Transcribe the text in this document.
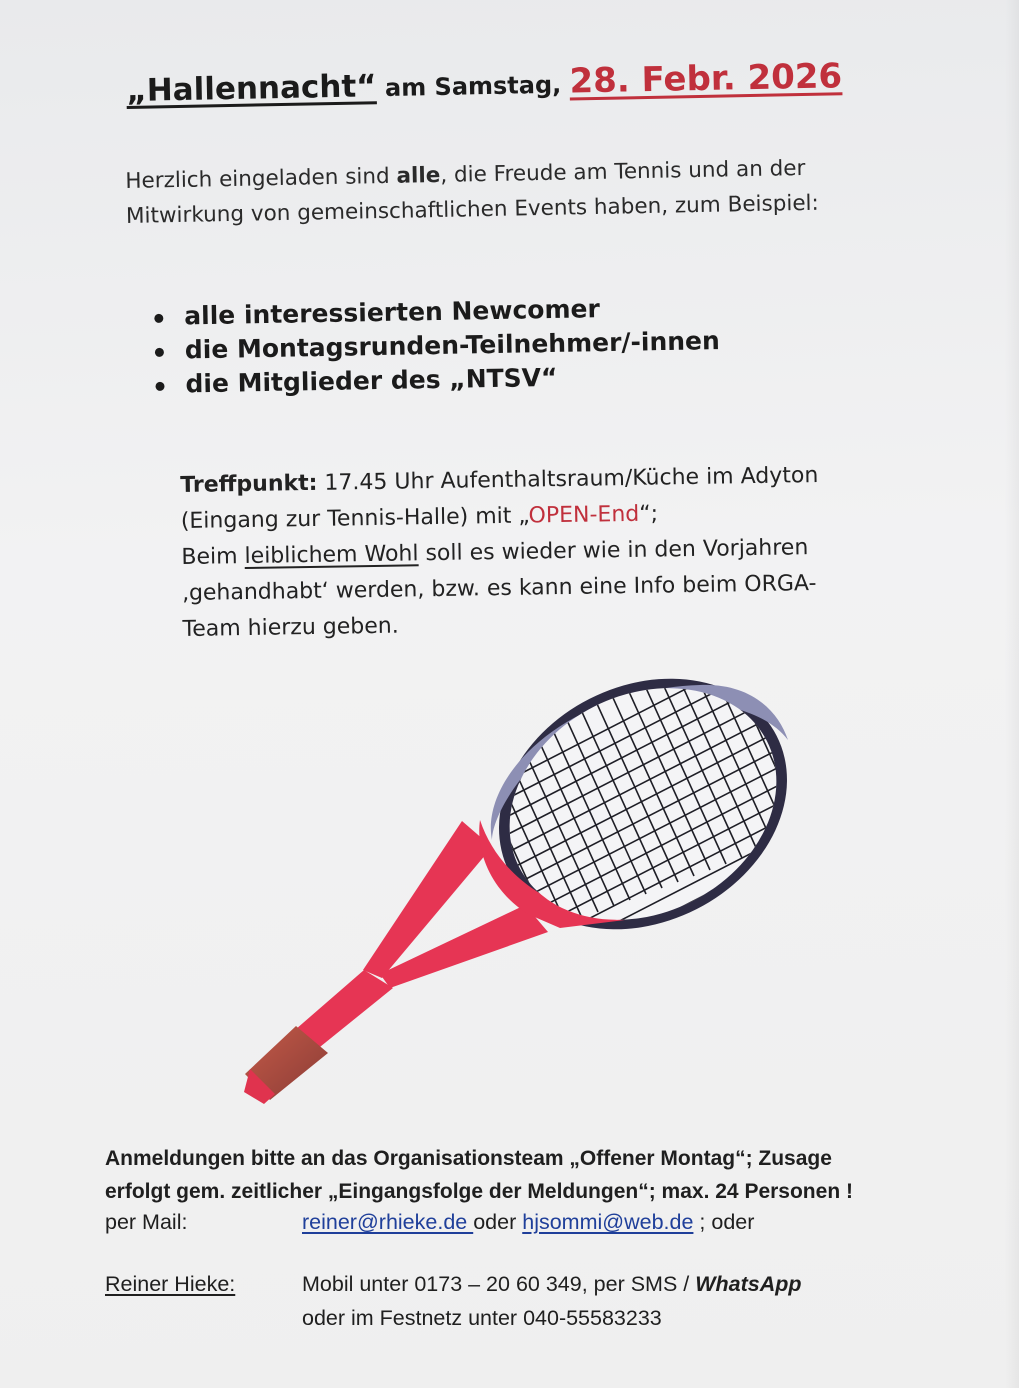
„Hallennacht“ am Samstag, 28. Febr. 2026

Herzlich eingeladen sind alle, die Freude am Tennis und an der

Mitwirkung von gemeinschaftlichen Events haben, zum Beispiel:

alle interessierten Newcomer
die Montagsrunden-Teilnehmer/-innen
die Mitglieder des „NTSV“

Treffpunkt: 17.45 Uhr Aufenthaltsraum/Küche im Adyton

(Eingang zur Tennis-Halle) mit „OPEN-End“;

Beim leiblichem Wohl soll es wieder wie in den Vorjahren

‚gehandhabt‘ werden, bzw. es kann eine Info beim ORGA-

Team hierzu geben.

Anmeldungen bitte an das Organisationsteam „Offener Montag“; Zusage
erfolgt gem. zeitlicher „Eingangsfolge der Meldungen“; max. 24 Personen !
per Mail:	reiner@rhieke.de oder hjsommi@web.de ; oder
Reiner Hieke:	Mobil unter 0173 – 20 60 349, per SMS / WhatsApp
oder im Festnetz unter 040-55583233
